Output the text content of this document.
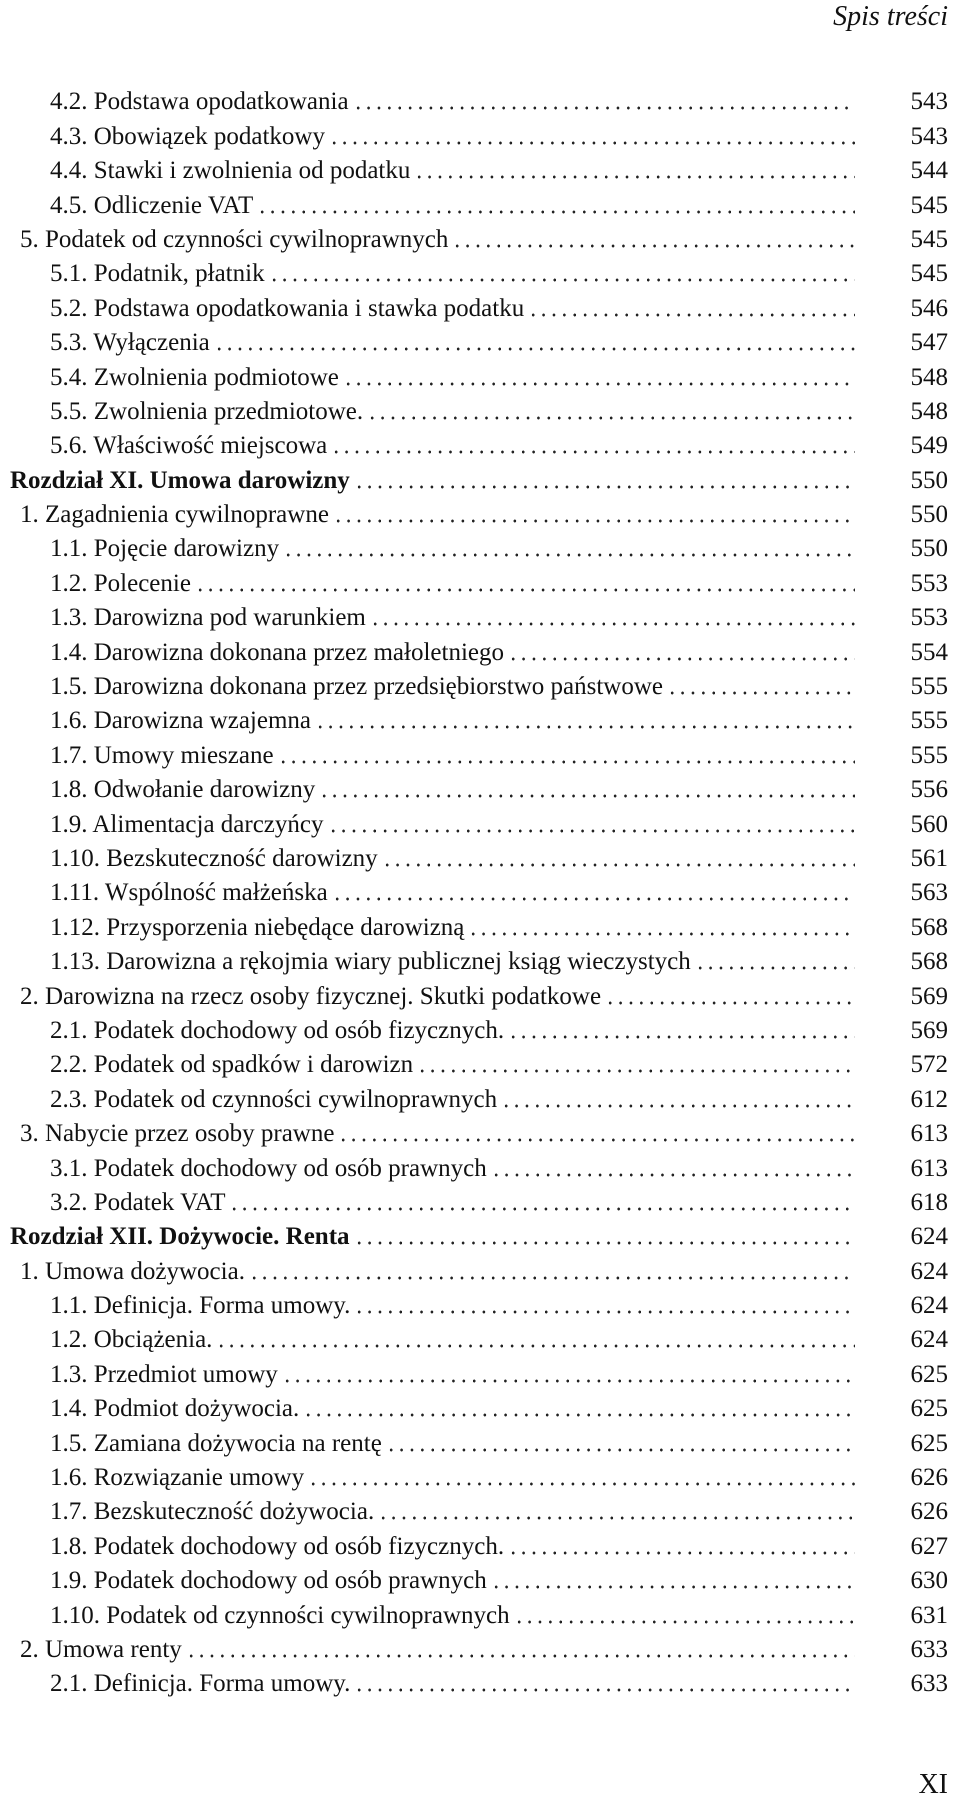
Spis treści
4.2. Podstawa opodatkowania	543
4.3. Obowiązek podatkowy	543
4.4. Stawki i zwolnienia od podatku	544
4.5. Odliczenie VAT	545
5. Podatek od czynności cywilnoprawnych	545
5.1. Podatnik, płatnik	545
5.2. Podstawa opodatkowania i stawka podatku	546
5.3. Wyłączenia	547
5.4. Zwolnienia podmiotowe	548
5.5. Zwolnienia przedmiotowe.	548
5.6. Właściwość miejscowa	549
Rozdział XI. Umowa darowizny	550
1. Zagadnienia cywilnoprawne	550
1.1. Pojęcie darowizny	550
1.2. Polecenie	553
1.3. Darowizna pod warunkiem	553
1.4. Darowizna dokonana przez małoletniego	554
1.5. Darowizna dokonana przez przedsiębiorstwo państwowe	555
1.6. Darowizna wzajemna	555
1.7. Umowy mieszane	555
1.8. Odwołanie darowizny	556
1.9. Alimentacja darczyńcy	560
1.10. Bezskuteczność darowizny	561
1.11. Wspólność małżeńska	563
1.12. Przysporzenia niebędące darowizną	568
1.13. Darowizna a rękojmia wiary publicznej ksiąg wieczystych	568
2. Darowizna na rzecz osoby fizycznej. Skutki podatkowe	569
2.1. Podatek dochodowy od osób fizycznych.	569
2.2. Podatek od spadków i darowizn	572
2.3. Podatek od czynności cywilnoprawnych	612
3. Nabycie przez osoby prawne	613
3.1. Podatek dochodowy od osób prawnych	613
3.2. Podatek VAT	618
Rozdział XII. Dożywocie. Renta	624
1. Umowa dożywocia.	624
1.1. Definicja. Forma umowy.	624
1.2. Obciążenia.	624
1.3. Przedmiot umowy	625
1.4. Podmiot dożywocia.	625
1.5. Zamiana dożywocia na rentę	625
1.6. Rozwiązanie umowy	626
1.7. Bezskuteczność dożywocia.	626
1.8. Podatek dochodowy od osób fizycznych.	627
1.9. Podatek dochodowy od osób prawnych	630
1.10. Podatek od czynności cywilnoprawnych	631
2. Umowa renty	633
2.1. Definicja. Forma umowy.	633
XI
